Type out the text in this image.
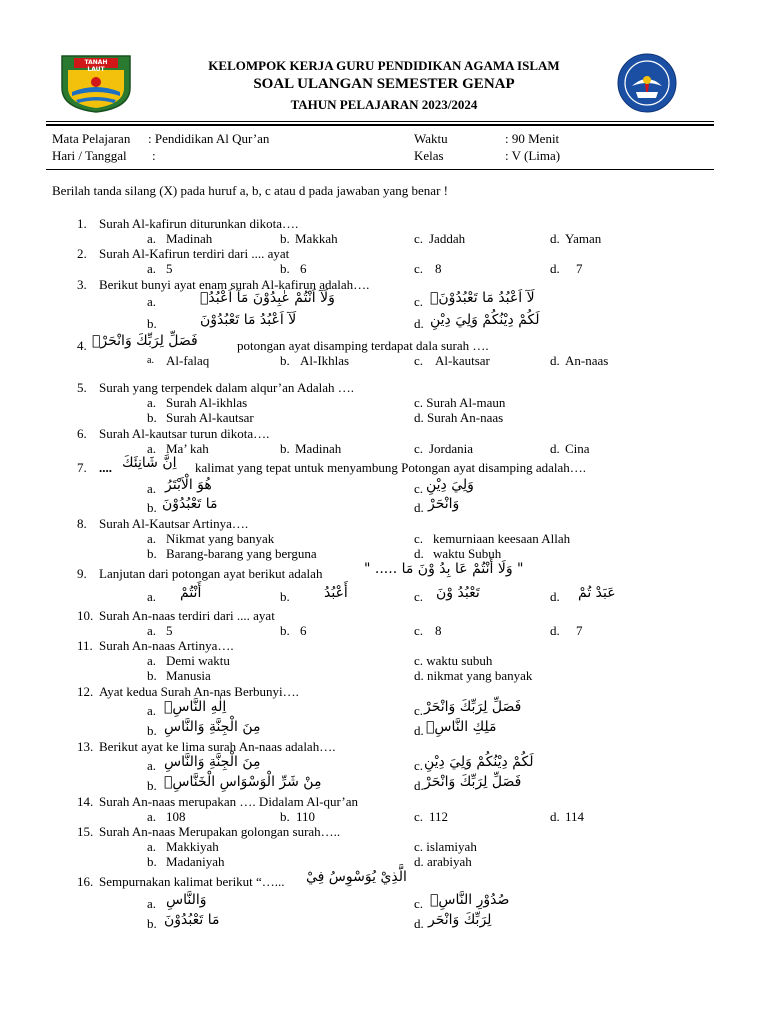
TANAH LAUT	KELOMPOK KERJA GURU PENDIDIKAN AGAMA ISLAM
SOAL ULANGAN SEMESTER GENAP
TAHUN PELAJARAN 2023/2024
Mata Pelajaran : Pendidikan Al Qur’an	Waktu	: 90 Menit
Hari / Tanggal :	Kelas	: V (Lima)
Berilah tanda silang (X) pada huruf a, b, c atau d pada jawaban yang benar !
1. Surah Al-kafirun diturunkan dikota….
a. Madinah	b. Makkah	c. Jaddah	d. Yaman
2. Surah Al-Kafirun terdiri dari .... ayat
a. 5	b. 6	c. 8	d. 7
3. Berikut bunyi ayat enam surah Al-kafirun adalah….
a.	وَلَآ اَنْتُمْ عٰبِدُوْنَ مَآ اَعْبُدُۗ	c. لَآ اَعْبُدُ مَا تَعْبُدُوْنَۙ
b.	لَآ اَعْبُدُ مَا تَعْبُدُوْنَ	d. لَكُمْ دِيْنُكُمْ وَلِيَ دِيْنِ
4. فَصَلِّ لِرَبِّكَ وَانْحَرْۗ	potongan ayat disamping terdapat dala surah ….
a. Al-falaq	b. Al-Ikhlas	c. Al-kautsar	d. An-naas
5. Surah yang terpendek dalam alqur’an Adalah ….
a. Surah Al-ikhlas	c. Surah Al-maun
b. Surah Al-kautsar	d. Surah An-naas
6. Surah Al-kautsar turun dikota….
a. Ma’ kah	b. Madinah	c. Jordania	d. Cina
7. .... اِنَّ شَانِئَكَ kalimat yang tepat untuk menyambung Potongan ayat disamping adalah….
a. هُوَ الْاَبْتَرُ	c. وَلِيَ دِيْنِ
b. مَا تَعْبُدُوْنَ	d. وَانْحَرْ
8. Surah Al-Kautsar Artinya….
a. Nikmat yang banyak	c. kemurniaan keesaan Allah
b. Barang-barang yang berguna	d. waktu Subuh
9. Lanjutan dari potongan ayat berikut adalah	" وَلَا أَنْتُمْ عَا بِدُ وْنَ مَا ..... "
a. أَنْتُمْ	b. أَعْبُدُ	c. تَعْبُدُ وْنَ	d. عَبَدْ تُمْ
10. Surah An-naas terdiri dari .... ayat
a. 5	b. 6	c. 8	d. 7
11. Surah An-naas Artinya….
a. Demi waktu	c. waktu subuh
b. Manusia	d. nikmat yang banyak
12. Ayat kedua Surah An-nas Berbunyi….
a. اِلٰهِ النَّاسِۙ	c. فَصَلِّ لِرَبِّكَ وَانْحَرْ
b. مِنَ الْجِنَّةِ وَالنَّاسِ	d. مَلِكِ النَّاسِۙ
13. Berikut ayat ke lima surah An-naas adalah….
a. مِنَ الْجِنَّةِ وَالنَّاسِ	c. لَكُمْ دِيْنُكُمْ وَلِيَ دِيْنِ
b. مِنْ شَرِّ الْوَسْوَاسِ الْخَنَّاسِۖ	d. فَصَلِّ لِرَبِّكَ وَانْحَرْ
14. Surah An-naas merupakan …. Didalam Al-qur’an
a. 108	b. 110	c. 112	d. 114
15. Surah An-naas Merupakan golongan surah…..
a. Makkiyah	c. islamiyah
b. Madaniyah	d. arabiyah
16. Sempurnakan kalimat berikut “…... الَّذِيْ يُوَسْوِسُ فِيْ
a. وَالنَّاسِ	c. صُدُوْرِ النَّاسِۙ
b. مَا تَعْبُدُوْنَ	d. لِرَبِّكَ وَانْحَر
